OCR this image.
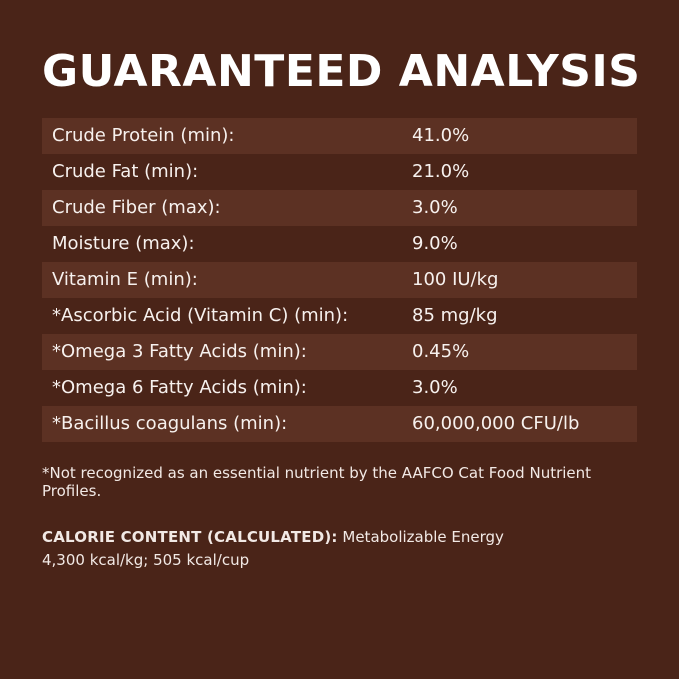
GUARANTEED ANALYSIS
Crude Protein (min):	41.0%
Crude Fat (min):	21.0%
Crude Fiber (max):	3.0%
Moisture (max):	9.0%
Vitamin E (min):	100 IU/kg
*Ascorbic Acid (Vitamin C) (min):	85 mg/kg
*Omega 3 Fatty Acids (min):	0.45%
*Omega 6 Fatty Acids (min):	3.0%
*Bacillus coagulans (min):	60,000,000 CFU/lb
*Not recognized as an essential nutrient by the AAFCO Cat Food Nutrient Profiles.
CALORIE CONTENT (CALCULATED): Metabolizable Energy
4,300 kcal/kg; 505 kcal/cup
